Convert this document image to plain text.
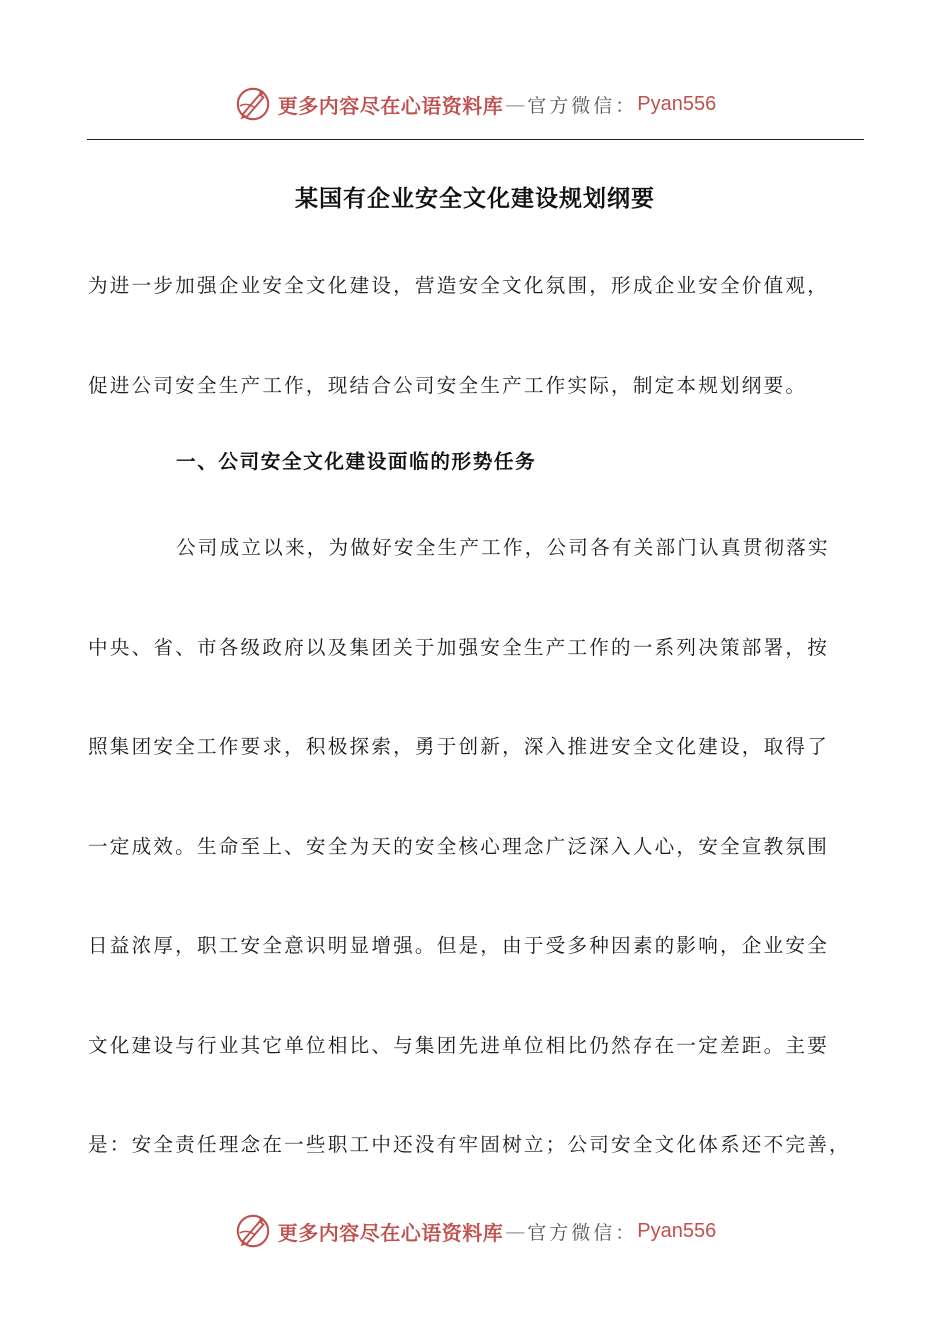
更多内容尽在心语资料库 — 官方微信： Pyan556
某国有企业安全文化建设规划纲要
为进一步加强企业安全文化建设，营造安全文化氛围，形成企业安全价值观，
促进公司安全生产工作，现结合公司安全生产工作实际，制定本规划纲要。
一、公司安全文化建设面临的形势任务
公司成立以来，为做好安全生产工作，公司各有关部门认真贯彻落实
中央、省、市各级政府以及集团关于加强安全生产工作的一系列决策部署，按
照集团安全工作要求，积极探索，勇于创新，深入推进安全文化建设，取得了
一定成效。生命至上、安全为天的安全核心理念广泛深入人心，安全宣教氛围
日益浓厚，职工安全意识明显增强。但是，由于受多种因素的影响，企业安全
文化建设与行业其它单位相比、与集团先进单位相比仍然存在一定差距。主要
是：安全责任理念在一些职工中还没有牢固树立；公司安全文化体系还不完善，
更多内容尽在心语资料库 — 官方微信： Pyan556
